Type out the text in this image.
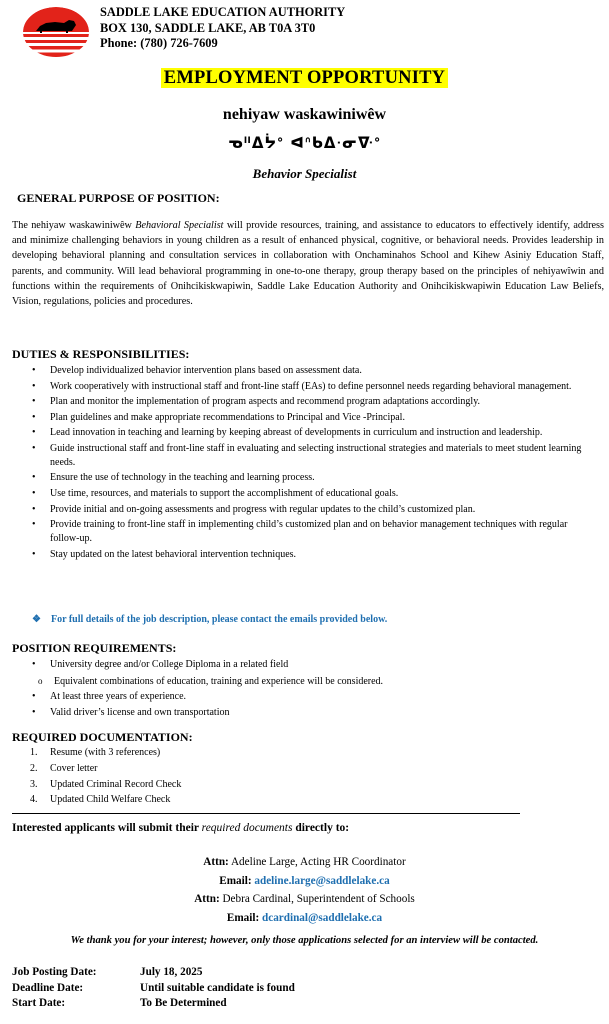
SADDLE LAKE EDUCATION AUTHORITY
BOX 130, SADDLE LAKE, AB T0A 3T0
Phone: (780) 726-7609
EMPLOYMENT OPPORTUNITY
nehiyaw waskawiniwêw
ᓀᐦᐃᔮᐤ ᐊᐢᑲᐃᐧᓂᐍᐤ
Behavior Specialist
GENERAL PURPOSE OF POSITION:
The nehiyaw waskawiniwêw Behavioral Specialist will provide resources, training, and assistance to educators to effectively identify, address and minimize challenging behaviors in young children as a result of enhanced physical, cognitive, or behavioral needs. Provides leadership in developing behavioral planning and consultation services in collaboration with Onchaminahos School and Kihew Asiniy Education Staff, parents, and community. Will lead behavioral programming in one-to-one therapy, group therapy based on the principles of nehiyawîwin and functions within the requirements of Onihcikiskwapiwin, Saddle Lake Education Authority and Onihcikiskwapiwin Education Law Beliefs, Vision, regulations, policies and procedures.
DUTIES & RESPONSIBILITIES:
• Develop individualized behavior intervention plans based on assessment data.
• Work cooperatively with instructional staff and front-line staff (EAs) to define personnel needs regarding behavioral management.
• Plan and monitor the implementation of program aspects and recommend program adaptations accordingly.
• Plan guidelines and make appropriate recommendations to Principal and Vice -Principal.
• Lead innovation in teaching and learning by keeping abreast of developments in curriculum and instruction and leadership.
• Guide instructional staff and front-line staff in evaluating and selecting instructional strategies and materials to meet student learning needs.
• Ensure the use of technology in the teaching and learning process.
• Use time, resources, and materials to support the accomplishment of educational goals.
• Provide initial and on-going assessments and progress with regular updates to the child’s customized plan.
• Provide training to front-line staff in implementing child’s customized plan and on behavior management techniques with regular follow-up.
• Stay updated on the latest behavioral intervention techniques.
❖ For full details of the job description, please contact the emails provided below.
POSITION REQUIREMENTS:
• University degree and/or College Diploma in a related field
o Equivalent combinations of education, training and experience will be considered.
• At least three years of experience.
• Valid driver’s license and own transportation
REQUIRED DOCUMENTATION:
1. Resume (with 3 references)
2. Cover letter
3. Updated Criminal Record Check
4. Updated Child Welfare Check
Interested applicants will submit their required documents directly to:
Attn: Adeline Large, Acting HR Coordinator
Email: adeline.large@saddlelake.ca
Attn: Debra Cardinal, Superintendent of Schools
Email: dcardinal@saddlelake.ca
We thank you for your interest; however, only those applications selected for an interview will be contacted.
Job Posting Date:	July 18, 2025
Deadline Date:	Until suitable candidate is found
Start Date:	To Be Determined
